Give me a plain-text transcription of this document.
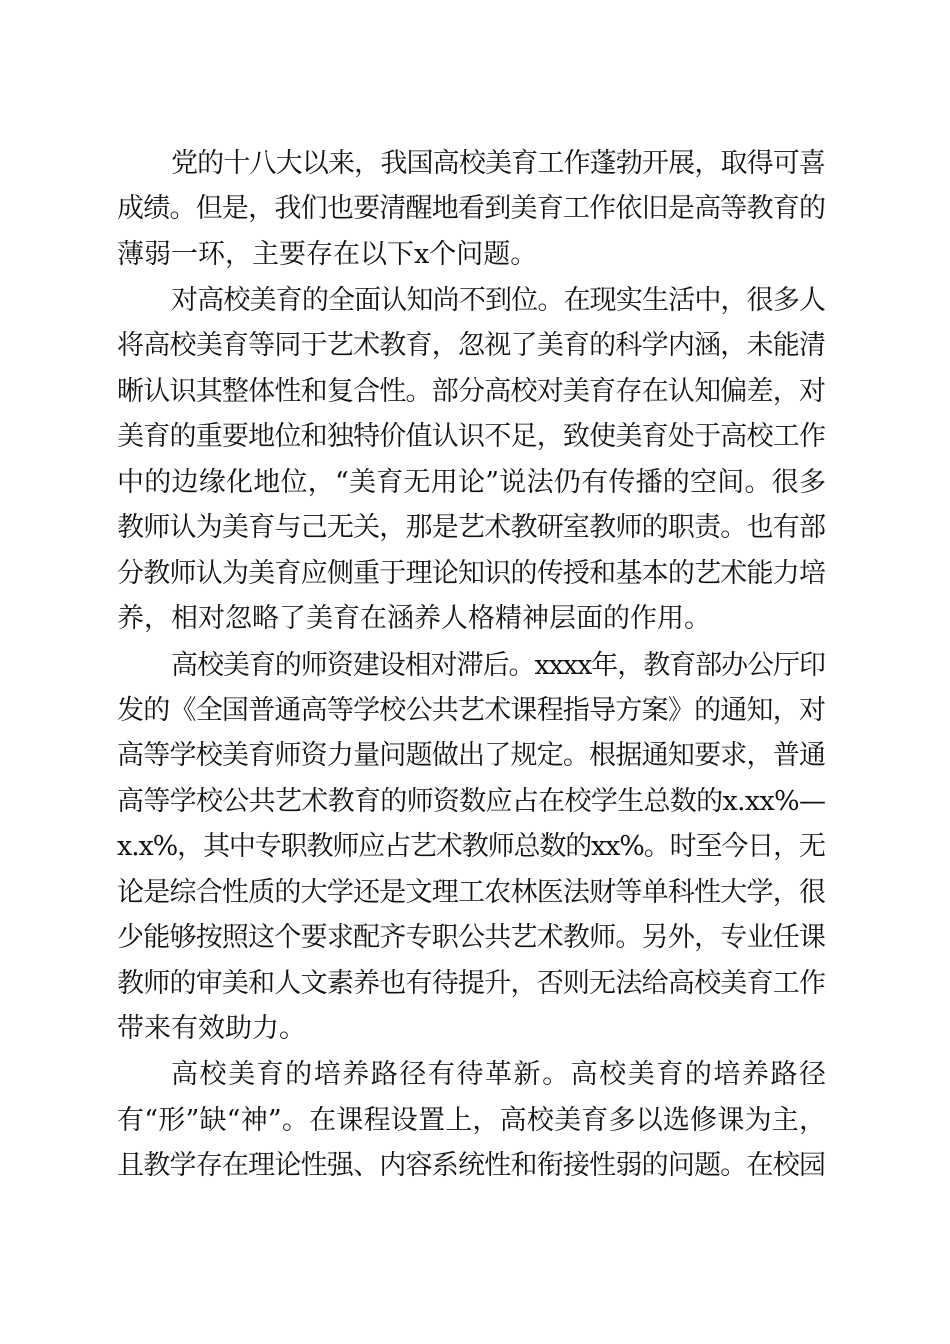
党的十八大以来，我国高校美育工作蓬勃开展，取得可喜
成绩。但是，我们也要清醒地看到美育工作依旧是高等教育的
薄弱一环，主要存在以下x个问题。
对高校美育的全面认知尚不到位。在现实生活中，很多人
将高校美育等同于艺术教育，忽视了美育的科学内涵，未能清
晰认识其整体性和复合性。部分高校对美育存在认知偏差，对
美育的重要地位和独特价值认识不足，致使美育处于高校工作
中的边缘化地位，“美育无用论”说法仍有传播的空间。很多
教师认为美育与己无关，那是艺术教研室教师的职责。也有部
分教师认为美育应侧重于理论知识的传授和基本的艺术能力培
养，相对忽略了美育在涵养人格精神层面的作用。
高校美育的师资建设相对滞后。xxxx年，教育部办公厅印
发的《全国普通高等学校公共艺术课程指导方案》的通知，对
高等学校美育师资力量问题做出了规定。根据通知要求，普通
高等学校公共艺术教育的师资数应占在校学生总数的x.xx%—
x.x%，其中专职教师应占艺术教师总数的xx%。时至今日，无
论是综合性质的大学还是文理工农林医法财等单科性大学，很
少能够按照这个要求配齐专职公共艺术教师。另外，专业任课
教师的审美和人文素养也有待提升，否则无法给高校美育工作
带来有效助力。
高校美育的培养路径有待革新。高校美育的培养路径
有“形”缺“神”。在课程设置上，高校美育多以选修课为主，
且教学存在理论性强、内容系统性和衔接性弱的问题。在校园
